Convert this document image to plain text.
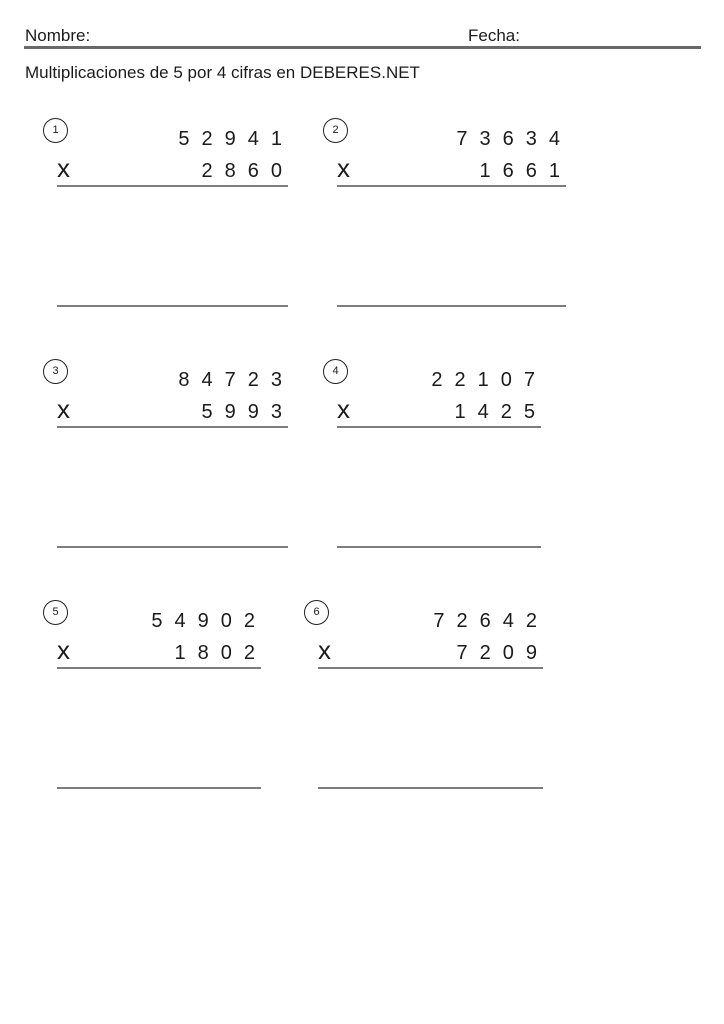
Nombre:	Fecha:
Multiplicaciones de 5 por 4 cifras en DEBERES.NET
1	52941
x	2860
2	73634
x	1661
3	84723
x	5993
4	22107
x	1425
5	54902
x	1802
6	72642
x	7209
